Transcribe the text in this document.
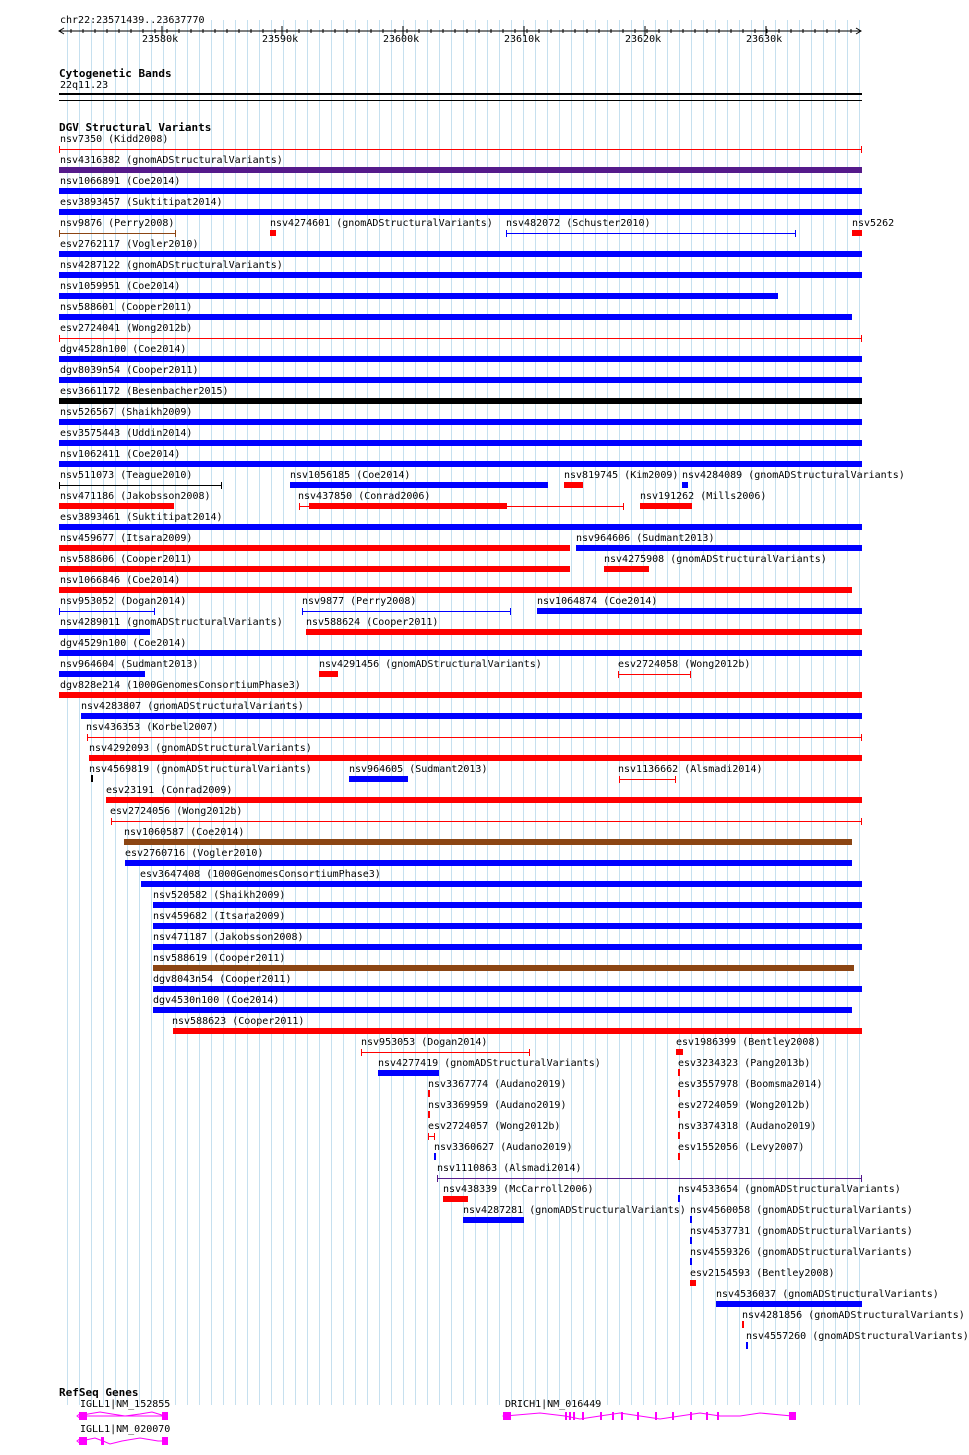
chr22:23571439..23637770
Cytogenetic Bands
22q11.23
DGV Structural Variants
RefSeq Genes
23580k	23590k	23600k	23610k	23620k	23630k
nsv7350 (Kidd2008)
nsv4316382 (gnomADStructuralVariants)
nsv1066891 (Coe2014)
esv3893457 (Suktitipat2014)
nsv9876 (Perry2008)	nsv4274601 (gnomADStructuralVariants) nsv482072 (Schuster2010)	nsv5262
esv2762117 (Vogler2010)
nsv4287122 (gnomADStructuralVariants)
nsv1059951 (Coe2014)
nsv588601 (Cooper2011)
esv2724041 (Wong2012b)
dgv4528n100 (Coe2014)
dgv8039n54 (Cooper2011)
esv3661172 (Besenbacher2015)
nsv526567 (Shaikh2009)
esv3575443 (Uddin2014)
nsv1062411 (Coe2014)
nsv511073 (Teague2010)	nsv1056185 (Coe2014)	nsv819745 (Kim2009) nsv4284089 (gnomADStructuralVariants)
nsv471186 (Jakobsson2008)	nsv437850 (Conrad2006)	nsv191262 (Mills2006)
esv3893461 (Suktitipat2014)
nsv459677 (Itsara2009)	nsv964606 (Sudmant2013)
nsv588606 (Cooper2011)	nsv4275908 (gnomADStructuralVariants)
nsv1066846 (Coe2014)
nsv953052 (Dogan2014)	nsv9877 (Perry2008)	nsv1064874 (Coe2014)
nsv4289011 (gnomADStructuralVariants) nsv588624 (Cooper2011)
dgv4529n100 (Coe2014)
nsv964604 (Sudmant2013)	nsv4291456 (gnomADStructuralVariants)	esv2724058 (Wong2012b)
dgv828e214 (1000GenomesConsortiumPhase3)
nsv4283807 (gnomADStructuralVariants)
nsv436353 (Korbel2007)
nsv4292093 (gnomADStructuralVariants)
nsv4569819 (gnomADStructuralVariants)	nsv964605 (Sudmant2013)	nsv1136662 (Alsmadi2014)
esv23191 (Conrad2009)
esv2724056 (Wong2012b)
nsv1060587 (Coe2014)
esv2760716 (Vogler2010)
esv3647408 (1000GenomesConsortiumPhase3)
nsv520582 (Shaikh2009)
nsv459682 (Itsara2009)
nsv471187 (Jakobsson2008)
nsv588619 (Cooper2011)
dgv8043n54 (Cooper2011)
dgv4530n100 (Coe2014)
nsv588623 (Cooper2011)
nsv953053 (Dogan2014)	esv1986399 (Bentley2008)
nsv4277419 (gnomADStructuralVariants)	esv3234323 (Pang2013b)
nsv3367774 (Audano2019)	esv3557978 (Boomsma2014)
nsv3369959 (Audano2019)	esv2724059 (Wong2012b)
esv2724057 (Wong2012b)	nsv3374318 (Audano2019)
nsv3360627 (Audano2019)	esv1552056 (Levy2007)
nsv1110863 (Alsmadi2014)
nsv438339 (McCarroll2006)	nsv4533654 (gnomADStructuralVariants)
nsv4287281 (gnomADStructuralVariants) nsv4560058 (gnomADStructuralVariants)
nsv4537731 (gnomADStructuralVariants)
nsv4559326 (gnomADStructuralVariants)
esv2154593 (Bentley2008)
nsv4536037 (gnomADStructuralVariants)
nsv4281856 (gnomADStructuralVariants)
nsv4557260 (gnomADStructuralVariants)
IGLL1|NM_152855
IGLL1|NM_020070
DRICH1|NM_016449
